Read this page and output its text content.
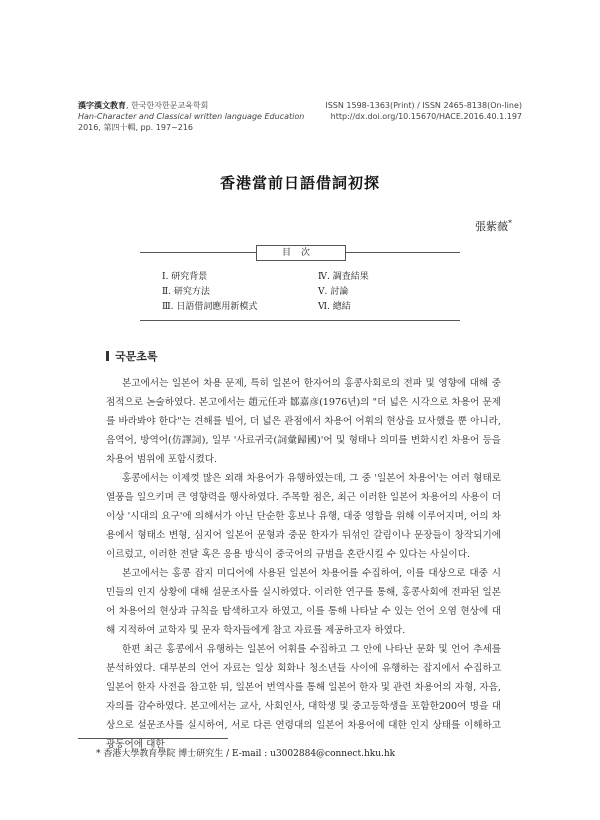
漢字漢文教育, 한국한자한문교육학회
Han-Character and Classical written language Education
2016, 第四十輯, pp. 197~216
ISSN 1598-1363(Print) / ISSN 2465-8138(On-line)
http://dx.doi.org/10.15670/HACE.2016.40.1.197
香港當前日語借詞初探
張紫薇*
目次
Ⅰ. 研究背景
Ⅱ. 研究方法
Ⅲ. 日語借詞應用新模式
Ⅳ. 調査結果
Ⅴ. 討論
Ⅵ. 總結
국문초록

본고에서는 일본어 차용 문제, 특히 일본어 한자어의 홍콩사회로의 전파 및 영향에 대해 중점적으로 논술하였다. 본고에서는 趙元任과 鄒嘉彦(1976년)의 "더 넓은 시각으로 차용어 문제를 바라봐야 한다"는 견해를 빌어, 더 넓은 관점에서 차용어 어휘의 현상을 묘사했을 뿐 아니라, 음역어, 방역어(仿譯詞), 일부 '사료귀국(詞彙歸國)'어 및 형태나 의미를 변화시킨 차용어 등을 차용어 범위에 포함시켰다.

홍콩에서는 이제껏 많은 외래 차용어가 유행하였는데, 그 중 '일본어 차용어'는 여러 형태로 열풍을 일으키며 큰 영향력을 행사하였다. 주목할 점은, 최근 이러한 일본어 차용어의 사용이 더 이상 '시대의 요구'에 의해서가 아닌 단순한 홍보나 유행, 대중 영합을 위해 이루어지며, 어의 차용에서 형태소 변형, 심지어 일본어 문형과 중문 한자가 뒤섞인 갈림이나 문장들이 창작되기에 이르렀고, 이러한 전달 혹은 응용 방식이 중국어의 규범을 혼란시킬 수 있다는 사실이다.

본고에서는 홍콩 잡지 미디어에 사용된 일본어 차용어를 수집하여, 이를 대상으로 대중 시민들의 인지 상황에 대해 설문조사를 실시하였다. 이러한 연구를 통해, 홍콩사회에 전파된 일본어 차용어의 현상과 규칙을 탐색하고자 하였고, 이를 통해 나타날 수 있는 언어 오염 현상에 대해 지적하여 교학자 및 문자 학자들에게 참고 자료를 제공하고자 하였다.

한편 최근 홍콩에서 유행하는 일본어 어휘를 수집하고 그 안에 나타난 문화 및 언어 추세를 분석하였다. 대부분의 언어 자료는 일상 회화나 청소년들 사이에 유행하는 잡지에서 수집하고 일본어 한자 사전을 참고한 뒤, 일본어 번역사를 통해 일본어 한자 및 관련 차용어의 자형, 자음, 자의를 감수하였다. 본고에서는 교사, 사회인사, 대학생 및 중고등학생을 포함한200여 명을 대상으로 설문조사를 실시하여, 서로 다른 연령대의 일본어 차용어에 대한 인지 상태를 이해하고 광동어에 대한

* 香港大學教育學院 博士研究生 / E-mail : u3002884@connect.hku.hk
